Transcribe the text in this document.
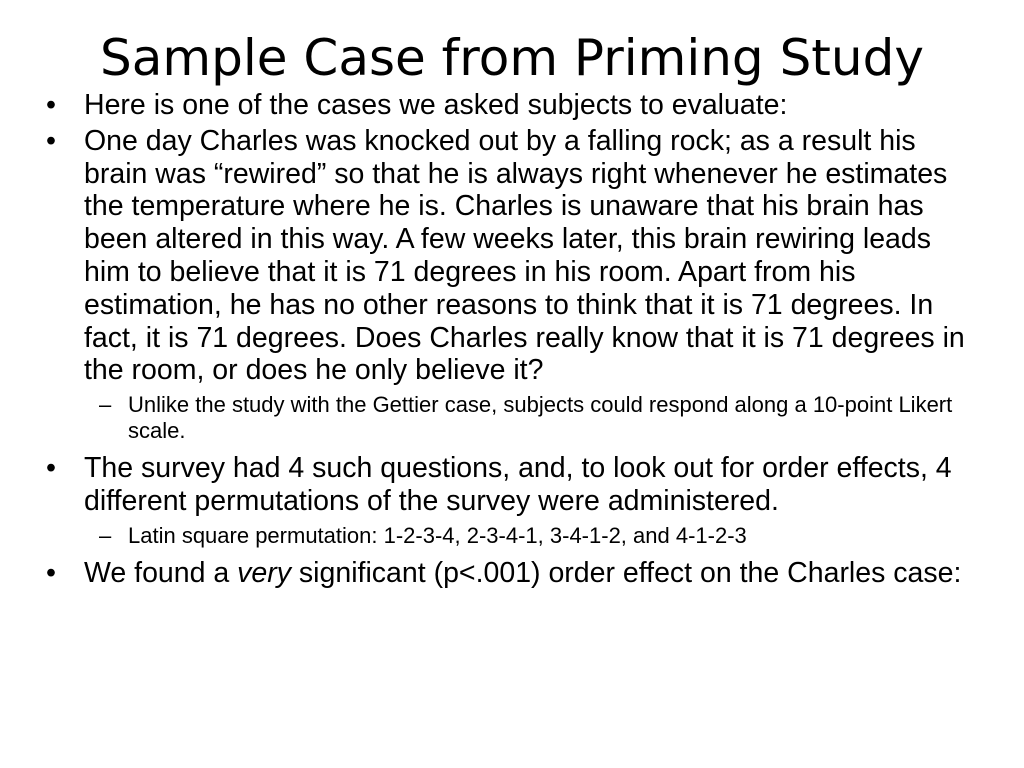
Sample Case from Priming Study
• Here is one of the cases we asked subjects to evaluate:
• One day Charles was knocked out by a falling rock; as a result his brain was “rewired” so that he is always right whenever he estimates the temperature where he is. Charles is unaware that his brain has been altered in this way. A few weeks later, this brain rewiring leads him to believe that it is 71 degrees in his room. Apart from his estimation, he has no other reasons to think that it is 71 degrees. In fact, it is 71 degrees. Does Charles really know that it is 71 degrees in the room, or does he only believe it?
– Unlike the study with the Gettier case, subjects could respond along a 10-point Likert scale.
• The survey had 4 such questions, and, to look out for order effects, 4 different permutations of the survey were administered.
– Latin square permutation: 1-2-3-4, 2-3-4-1, 3-4-1-2, and 4-1-2-3
• We found a very significant (p<.001) order effect on the Charles case:
